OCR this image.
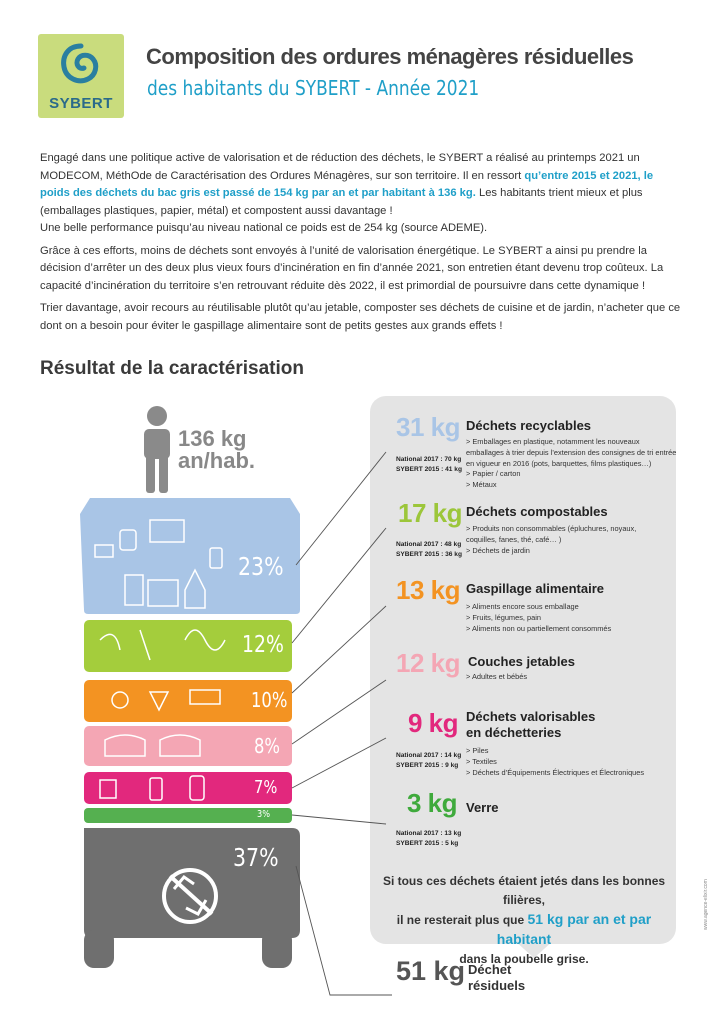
SYBERT
Composition des ordures ménagères résiduelles
des habitants du SYBERT - Année 2021

Engagé dans une politique active de valorisation et de réduction des déchets, le SYBERT a réalisé au printemps 2021 un MODECOM, MéthOde de Caractérisation des Ordures Ménagères, sur son territoire. Il en ressort qu’entre 2015 et 2021, le poids des déchets du bac gris est passé de 154 kg par an et par habitant à 136 kg. Les habitants trient mieux et plus (emballages plastiques, papier, métal) et compostent aussi davantage !
Une belle performance puisqu’au niveau national ce poids est de 254 kg (source ADEME).

Grâce à ces efforts, moins de déchets sont envoyés à l’unité de valorisation énergétique. Le SYBERT a ainsi pu prendre la décision d’arrêter un des deux plus vieux fours d’incinération en fin d’année 2021, son entretien étant devenu trop coûteux. La capacité d’incinération du territoire s’en retrouvant réduite dès 2022, il est primordial de poursuivre dans cette dynamique !

Trier davantage, avoir recours au réutilisable plutôt qu’au jetable, composter ses déchets de cuisine et de jardin, n’acheter que ce dont on a besoin pour éviter le gaspillage alimentaire sont de petits gestes aux grands effets !

Résultat de la caractérisation
136 kg
an/hab.
23%
12%
10%
8%
7%
3%
37%
31 kg Déchets recyclables
> Emballages en plastique, notamment les nouveaux
emballages à trier depuis l’extension des consignes de tri entrée
en vigueur en 2016 (pots, barquettes, films plastiques…)
> Papier / carton
> Métaux
National 2017 : 70 kg
SYBERT 2015 : 41 kg
17 kg Déchets compostables
> Produits non consommables (épluchures, noyaux,
coquilles, fanes, thé, café… )
> Déchets de jardin
National 2017 : 48 kg
SYBERT 2015 : 36 kg
13 kg Gaspillage alimentaire
> Aliments encore sous emballage
> Fruits, légumes, pain
> Aliments non ou partiellement consommés
12 kg Couches jetables
> Adultes et bébés
9 kg Déchets valorisables
en déchetteries
> Piles
> Textiles
> Déchets d’Équipements Électriques et Électroniques
National 2017 : 14 kg
SYBERT 2015 : 9 kg
3 kg Verre
National 2017 : 13 kg
SYBERT 2015 : 5 kg
Si tous ces déchets étaient jetés dans les bonnes filières,
il ne resterait plus que 51 kg par an et par habitant
dans la poubelle grise.
51 kg Déchet
résiduels
www.agence-elixir.com
